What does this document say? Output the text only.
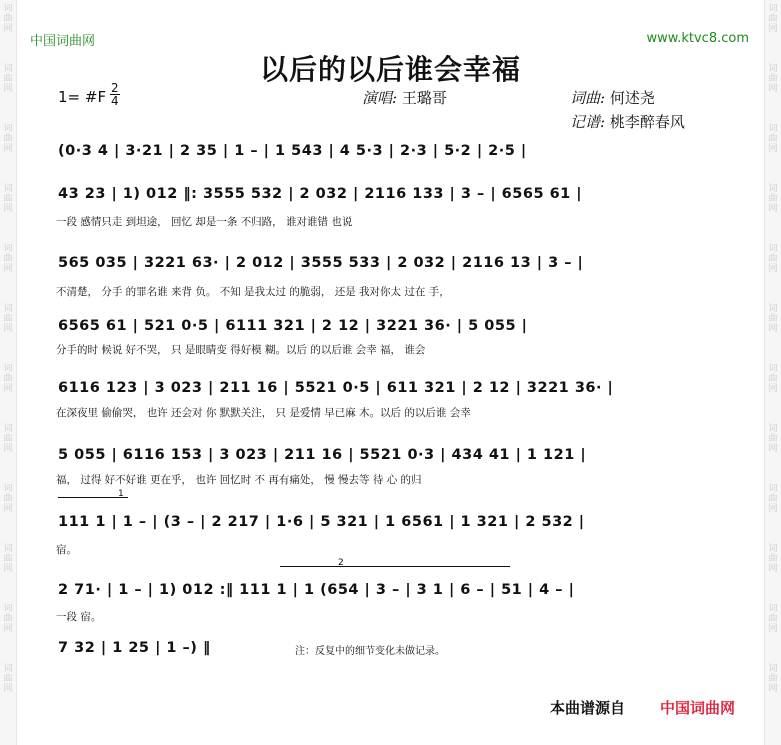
词曲网
词曲网
词曲网
词曲网
词曲网
词曲网
词曲网
词曲网
词曲网
词曲网
词曲网
词曲网
词曲网
词曲网
词曲网
词曲网
词曲网
词曲网
词曲网
词曲网
词曲网
词曲网
词曲网
词曲网
中国词曲网	www.ktvc8.com
以后的以后谁会幸福
1= #F 2
4	演唱: 王璐哥	词曲: 何述尧
记谱: 桃李醉春风
(0·3 4 | 3·21 | 2 35 | 1 – | 1 543 | 4 5·3 | 2·3 | 5·2 | 2·5 |
43 23 | 1) 012 ‖: 3555 532 | 2 032 | 2116 133 | 3 – | 6565 61 |
一段 感情只走 到坦途， 回忆 却是一条 不归路， 谁对谁错 也说
565 035 | 3221 63· | 2 012 | 3555 533 | 2 032 | 2116 13 | 3 – |
不清楚， 分手 的罪名谁 来背 负。 不知 是我太过 的脆弱， 还是 我对你太 过在 手，
6565 61 | 521 0·5 | 6111 321 | 2 12 | 3221 36· | 5 055 |
分手的时 候说 好不哭， 只 是眼睛变 得好模 糊。以后 的以后谁 会幸 福， 谁会
6116 123 | 3 023 | 211 16 | 5521 0·5 | 611 321 | 2 12 | 3221 36· |
在深夜里 偷偷哭， 也许 还会对 你 默默关注， 只 是爱情 早已麻 木。以后 的以后谁 会幸
5 055 | 6116 153 | 3 023 | 211 16 | 5521 0·3 | 434 41 | 1 121 |
福， 过得 好不好谁 更在乎， 也许 回忆时 不 再有痛处， 慢 慢去等 待 心 的归
1
111 1 | 1 – | (3 – | 2 217 | 1·6 | 5 321 | 1 6561 | 1 321 | 2 532 |
宿。
2
2 71· | 1 – | 1) 012 :‖ 111 1 | 1 (654 | 3 – | 3 1 | 6 – | 51 | 4 – |
一段 宿。
7 32 | 1 25 | 1 –) ‖	注：反复中的细节变化未做记录。
本曲谱源自 中国词曲网
